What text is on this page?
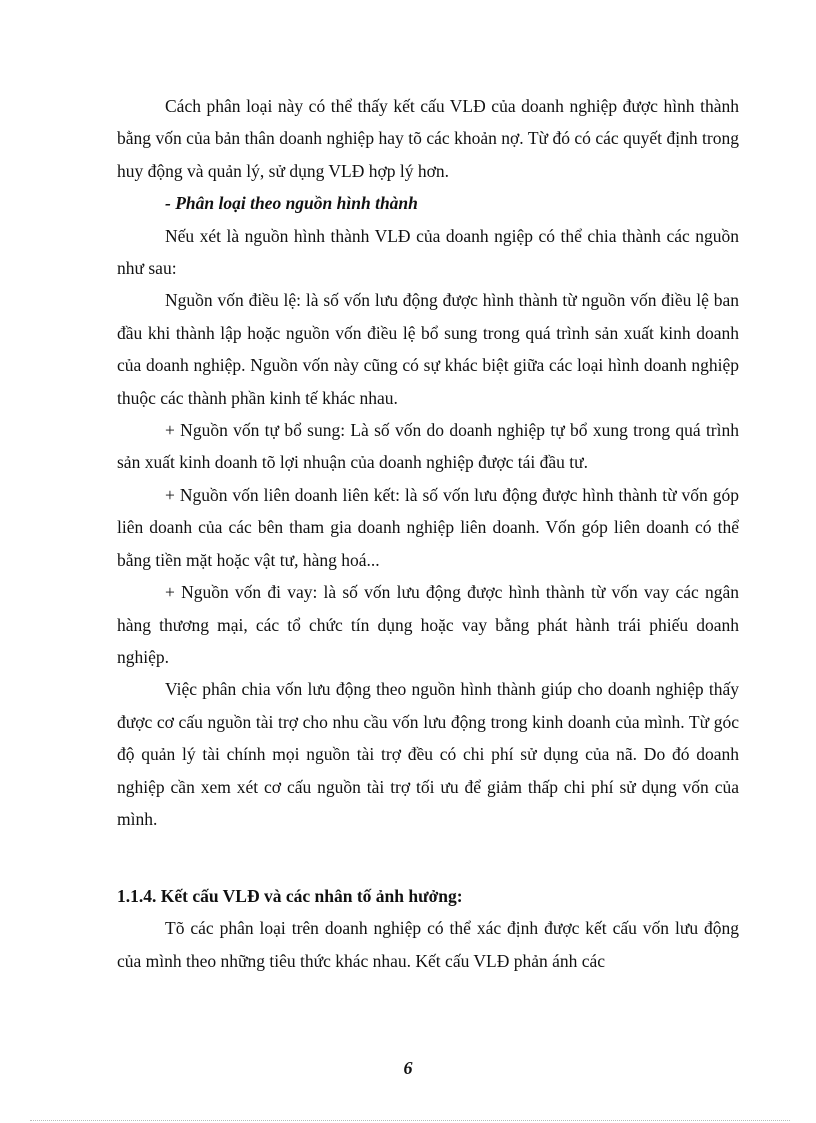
Cách phân loại này có thể thấy kết cấu VLĐ của doanh nghiệp được hình thành bằng vốn của bản thân doanh nghiệp hay tõ các khoản nợ. Từ đó có các quyết định trong huy động và quản lý, sử dụng VLĐ hợp lý hơn.

- Phân loại theo nguồn hình thành

Nếu xét là nguồn hình thành VLĐ của doanh ngiệp có thể chia thành các nguồn như sau:

Nguồn vốn điều lệ: là số vốn lưu động được hình thành từ nguồn vốn điều lệ ban đầu khi thành lập hoặc nguồn vốn điều lệ bổ sung trong quá trình sản xuất kinh doanh của doanh nghiệp. Nguồn vốn này cũng có sự khác biệt giữa các loại hình doanh nghiệp thuộc các thành phần kinh tế khác nhau.

+ Nguồn vốn tự bổ sung: Là số vốn do doanh nghiệp tự bổ xung trong quá trình sản xuất kinh doanh tõ lợi nhuận của doanh nghiệp được tái đầu tư.

+ Nguồn vốn liên doanh liên kết: là số vốn lưu động được hình thành từ vốn góp liên doanh của các bên tham gia doanh nghiệp liên doanh. Vốn góp liên doanh có thể bằng tiền mặt hoặc vật tư, hàng hoá...

+ Nguồn vốn đi vay: là số vốn lưu động được hình thành từ vốn vay các ngân hàng thương mại, các tổ chức tín dụng hoặc vay bằng phát hành trái phiếu doanh nghiệp.

Việc phân chia vốn lưu động theo nguồn hình thành giúp cho doanh nghiệp thấy được cơ cấu nguồn tài trợ cho nhu cầu vốn lưu động trong kinh doanh của mình. Từ góc độ quản lý tài chính mọi nguồn tài trợ đều có chi phí sử dụng của nã. Do đó doanh nghiệp cần xem xét cơ cấu nguồn tài trợ tối ưu để giảm thấp chi phí sử dụng vốn của mình.

1.1.4. Kết cấu VLĐ và các nhân tố ảnh hưởng:

Tõ các phân loại trên doanh nghiệp có thể xác định được kết cấu vốn lưu động của mình theo những tiêu thức khác nhau. Kết cấu VLĐ phản ánh các

6
